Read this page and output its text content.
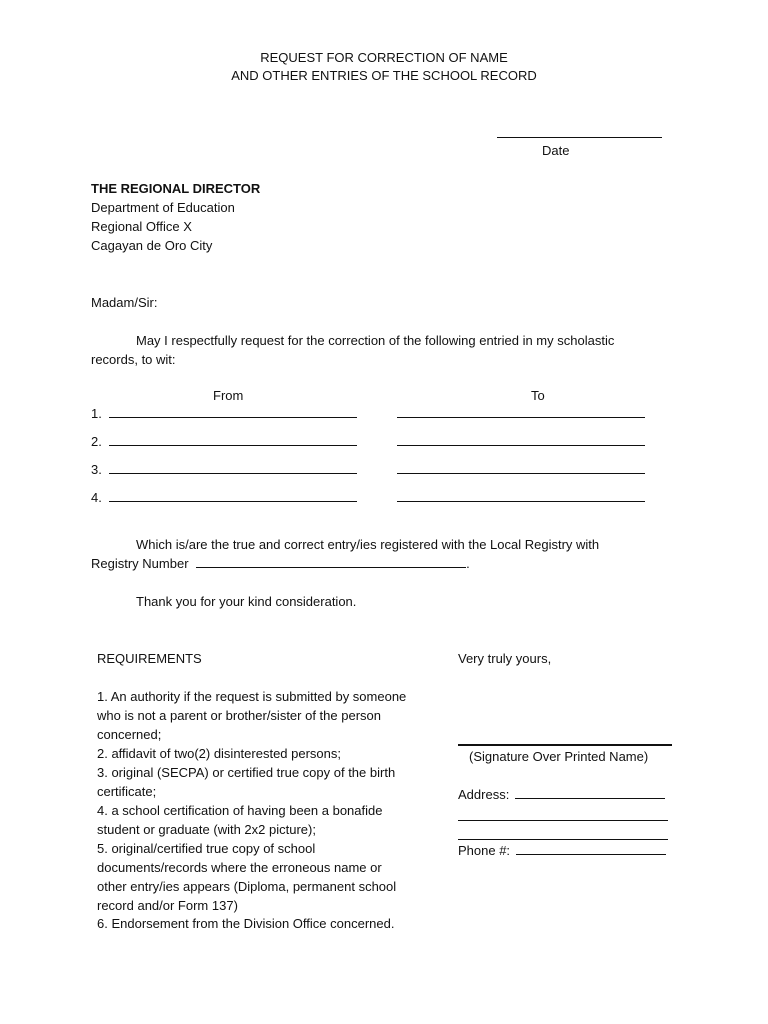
REQUEST FOR CORRECTION OF NAME
AND OTHER ENTRIES OF THE SCHOOL RECORD
Date
THE REGIONAL DIRECTOR
Department of Education
Regional Office X
Cagayan de Oro City
Madam/Sir:
May I respectfully request for the correction of the following entried in my scholastic
records, to wit:
From	To
1.
2.
3.
4.
Which is/are the true and correct entry/ies registered with the Local Registry with
Registry Number	.
Thank you for your kind consideration.
REQUIREMENTS
1. An authority if the request is submitted by someone who is not a parent or brother/sister of the person concerned;
2. affidavit of two(2) disinterested persons;
3. original (SECPA) or certified true copy of the birth certificate;
4. a school certification of having been a bonafide student or graduate (with 2x2 picture);
5. original/certified true copy of school documents/records where the erroneous name or other entry/ies appears (Diploma, permanent school record and/or Form 137)
6. Endorsement from the Division Office concerned.
Very truly yours,
(Signature Over Printed Name)
Address:
Phone #:
